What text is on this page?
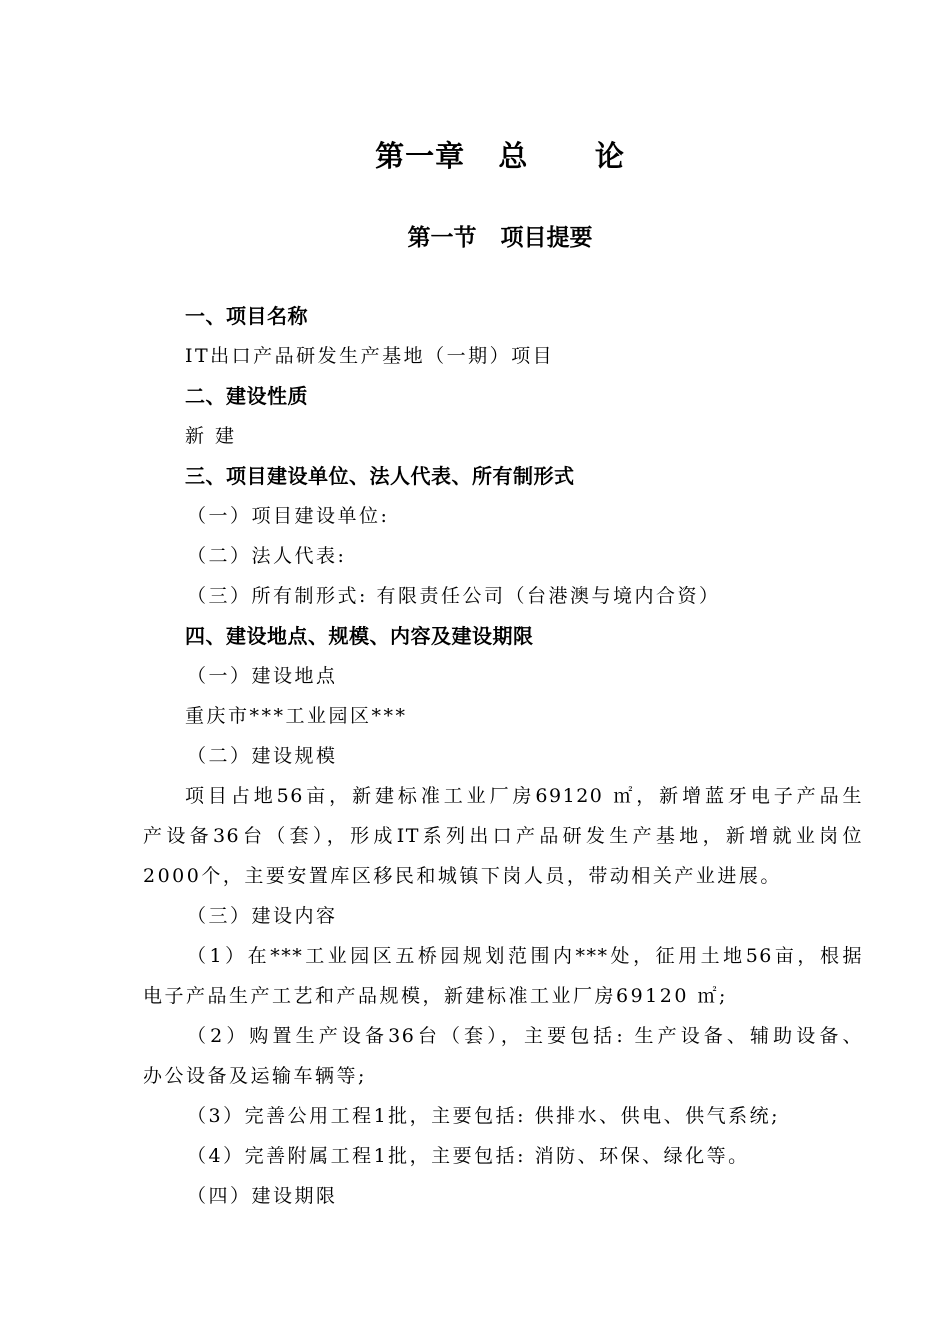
第一章   总      论
第一节   项目提要
一、项目名称
IT出口产品研发生产基地（一期）项目
二、建设性质
新 建
三、项目建设单位、法人代表、所有制形式
（一）项目建设单位:
（二）法人代表:
（三）所有制形式: 有限责任公司（台港澳与境内合资）
四、建设地点、规模、内容及建设期限
（一）建设地点
重庆市***工业园区***
（二）建设规模
项目占地56亩，新建标准工业厂房69120 ㎡，新增蓝牙电子产品生
产设备36台（套），形成IT系列出口产品研发生产基地，新增就业岗位
2000个，主要安置库区移民和城镇下岗人员，带动相关产业进展。
（三）建设内容
（1）在***工业园区五桥园规划范围内***处，征用土地56亩，根据
电子产品生产工艺和产品规模，新建标准工业厂房69120 ㎡;
（2）购置生产设备36台（套），主要包括: 生产设备、辅助设备、
办公设备及运输车辆等;
（3）完善公用工程1批，主要包括: 供排水、供电、供气系统;
（4）完善附属工程1批，主要包括: 消防、环保、绿化等。
（四）建设期限
